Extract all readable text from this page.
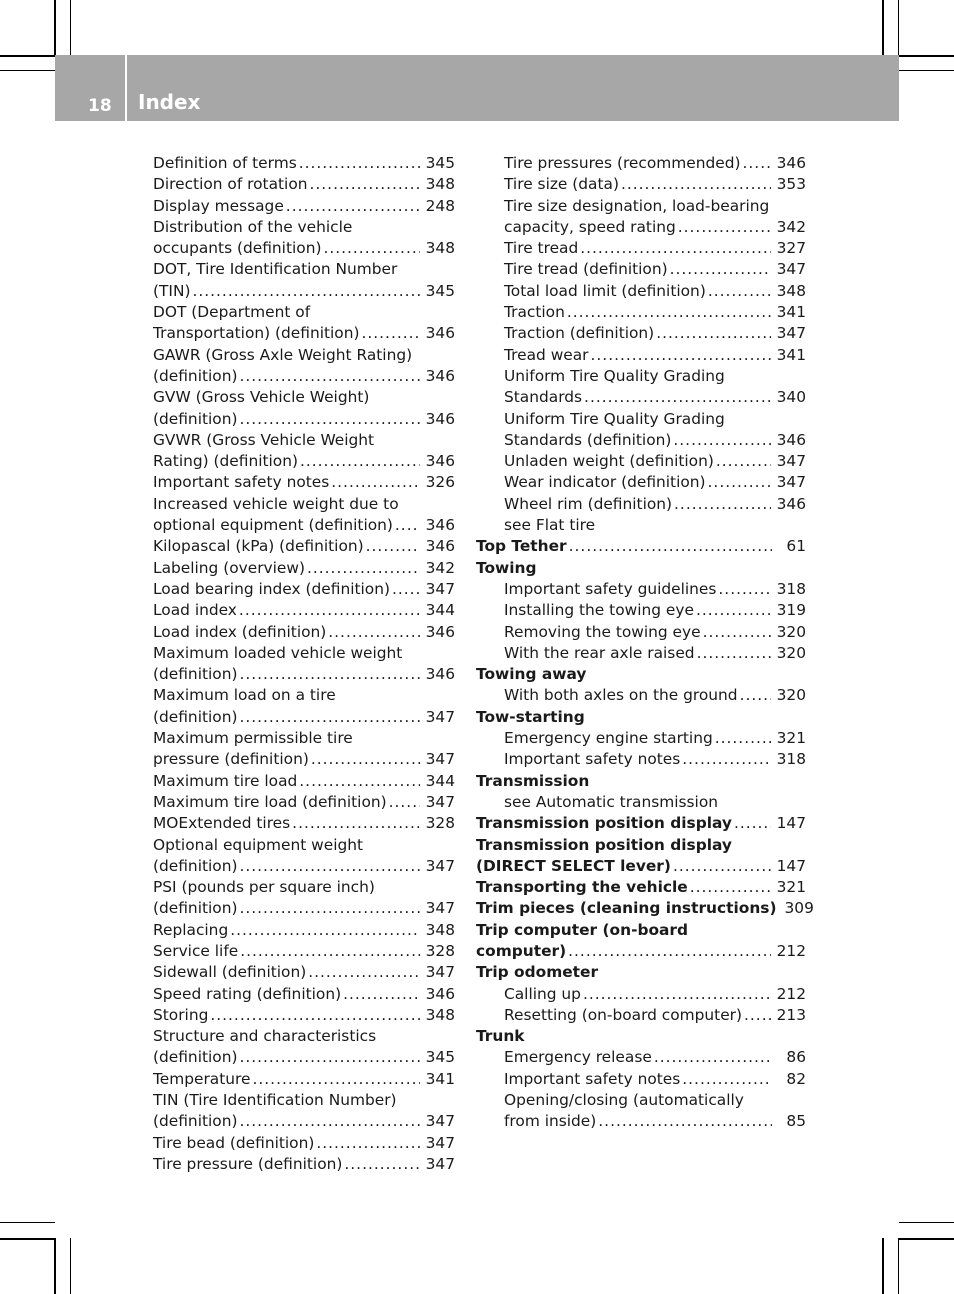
18 Index
Definition of terms .....	345
Direction of rotation .....	348
Display message .....	248
Distribution of the vehicle
occupants (definition) .....	348
DOT, Tire Identification Number
(TIN) .....	345
DOT (Department of
Transportation) (definition) .....	346
GAWR (Gross Axle Weight Rating)
(definition) .....	346
GVW (Gross Vehicle Weight)
(definition) .....	346
GVWR (Gross Vehicle Weight
Rating) (definition) .....	346
Important safety notes .....	326
Increased vehicle weight due to
optional equipment (definition) ..... 346
Kilopascal (kPa) (definition) .....	346
Labeling (overview) .....	342
Load bearing index (definition) ..... 347
Load index .....	344
Load index (definition) .....	346
Maximum loaded vehicle weight
(definition) .....	346
Maximum load on a tire
(definition) .....	347
Maximum permissible tire
pressure (definition) .....	347
Maximum tire load .....	344
Maximum tire load (definition) .....	347
MOExtended tires .....	328
Optional equipment weight
(definition) .....	347
PSI (pounds per square inch)
(definition) .....	347
Replacing .....	348
Service life .....	328
Sidewall (definition) .....	347
Speed rating (definition) .....	346
Storing .....	348
Structure and characteristics
(definition) .....	345
Temperature .....	341
TIN (Tire Identification Number)
(definition) .....	347
Tire bead (definition) .....	347
Tire pressure (definition) .....	347
Tire pressures (recommended) ..... 346
Tire size (data) .....	353
Tire size designation, load-bearing
capacity, speed rating .....	342
Tire tread .....	327
Tire tread (definition) .....	347
Total load limit (definition) .....	348
Traction .....	341
Traction (definition) .....	347
Tread wear .....	341
Uniform Tire Quality Grading
Standards .....	340
Uniform Tire Quality Grading
Standards (definition) .....	346
Unladen weight (definition) .....	347
Wear indicator (definition) .....	347
Wheel rim (definition) .....	346
see Flat tire
Top Tether .....	61
Towing
Important safety guidelines .....	318
Installing the towing eye .....	319
Removing the towing eye .....	320
With the rear axle raised .....	320
Towing away
With both axles on the ground .....	320
Tow-starting
Emergency engine starting .....	321
Important safety notes .....	318
Transmission
see Automatic transmission
Transmission position display .....	147
Transmission position display
(DIRECT SELECT lever) .....	147
Transporting the vehicle .....	321
Trim pieces (cleaning instructions) 309
Trip computer (on-board
computer) .....	212
Trip odometer
Calling up .....	212
Resetting (on-board computer) ..... 213
Trunk
Emergency release .....	86
Important safety notes .....	82
Opening/closing (automatically
from inside) .....	85
